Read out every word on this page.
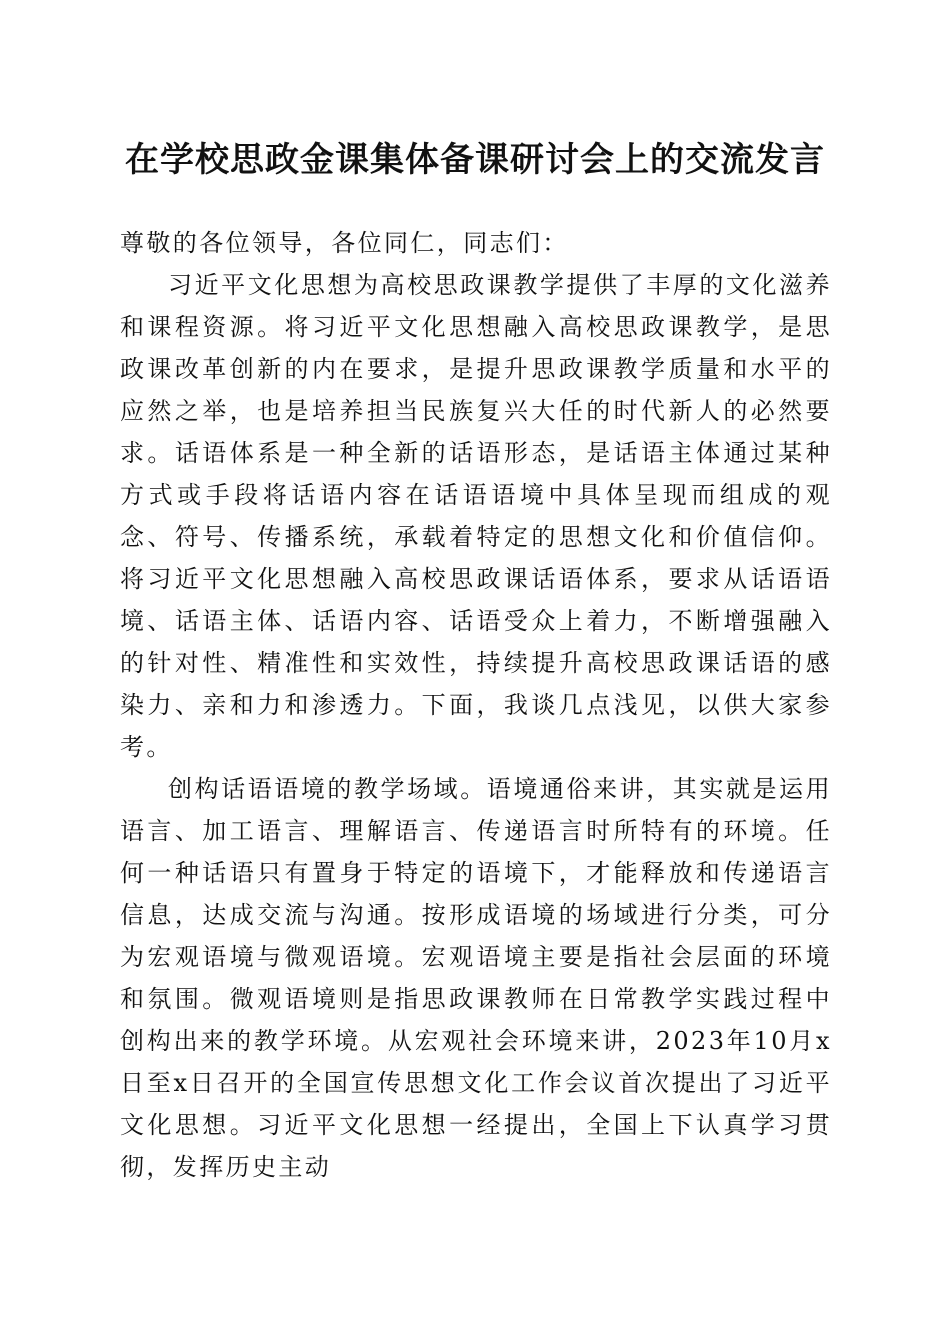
在学校思政金课集体备课研讨会上的交流发言

尊敬的各位领导，各位同仁，同志们：

习近平文化思想为高校思政课教学提供了丰厚的文化滋养和课程资源。将习近平文化思想融入高校思政课教学，是思政课改革创新的内在要求，是提升思政课教学质量和水平的应然之举，也是培养担当民族复兴大任的时代新人的必然要求。话语体系是一种全新的话语形态，是话语主体通过某种方式或手段将话语内容在话语语境中具体呈现而组成的观念、符号、传播系统，承载着特定的思想文化和价值信仰。将习近平文化思想融入高校思政课话语体系，要求从话语语境、话语主体、话语内容、话语受众上着力，不断增强融入的针对性、精准性和实效性，持续提升高校思政课话语的感染力、亲和力和渗透力。下面，我谈几点浅见，以供大家参考。

创构话语语境的教学场域。语境通俗来讲，其实就是运用语言、加工语言、理解语言、传递语言时所特有的环境。任何一种话语只有置身于特定的语境下，才能释放和传递语言信息，达成交流与沟通。按形成语境的场域进行分类，可分为宏观语境与微观语境。宏观语境主要是指社会层面的环境和氛围。微观语境则是指思政课教师在日常教学实践过程中创构出来的教学环境。从宏观社会环境来讲，2023年10月x日至x日召开的全国宣传思想文化工作会议首次提出了习近平文化思想。习近平文化思想一经提出，全国上下认真学习贯彻，发挥历史主动
